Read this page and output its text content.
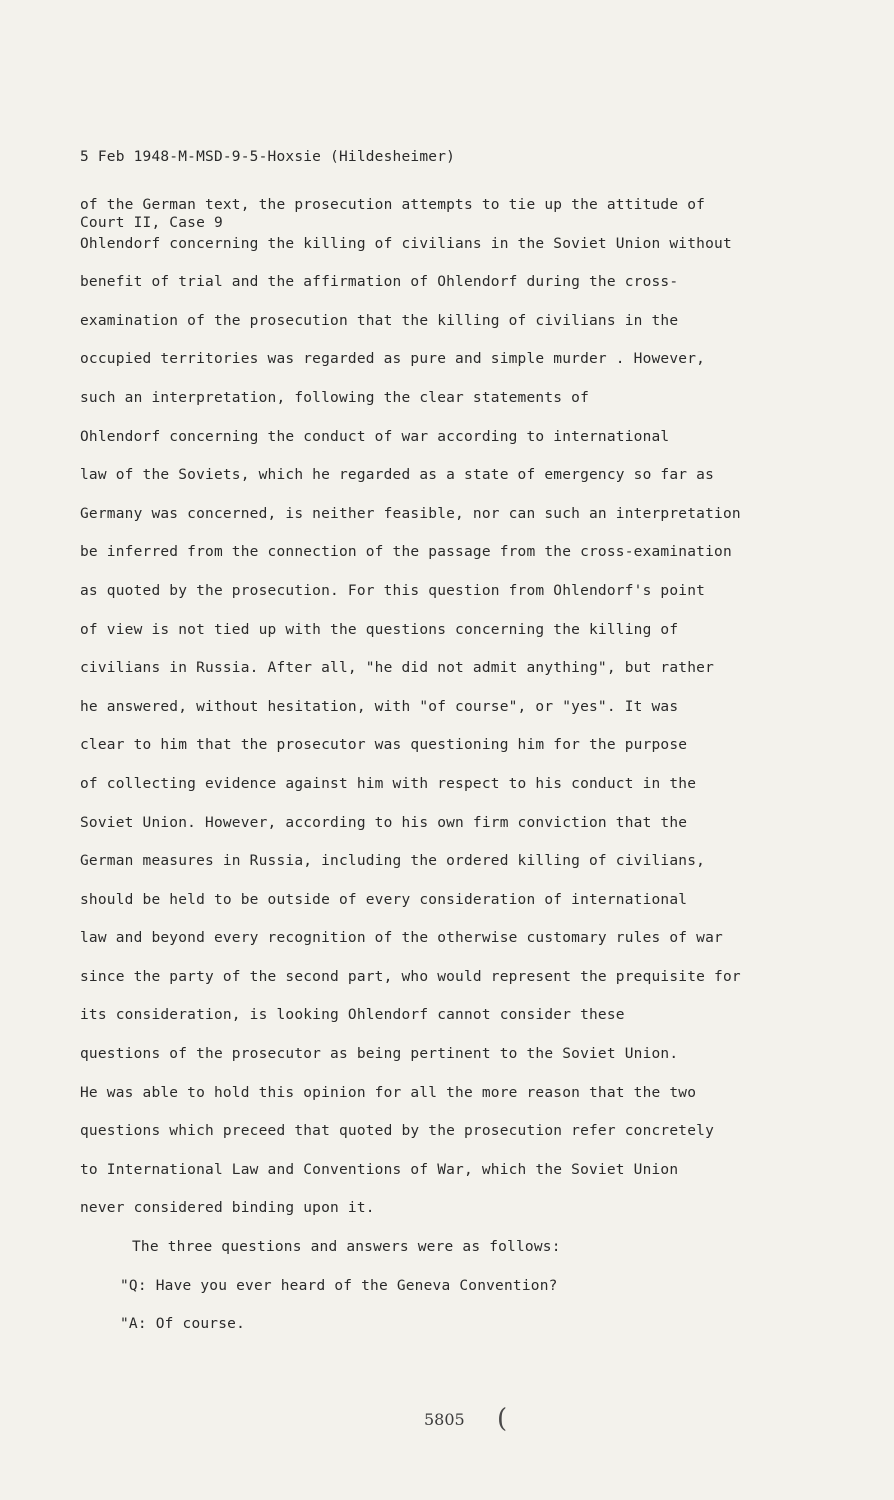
5 Feb 1948-M-MSD-9-5-Hoxsie (Hildesheimer)

Court II, Case 9

of the German text, the prosecution attempts to tie up the attitude of
Ohlendorf concerning the killing of civilians in the Soviet Union without
benefit of trial and the affirmation of Ohlendorf during the cross-
examination of the prosecution that the killing of civilians in the
occupied territories was regarded as pure and simple murder . However,
such an interpretation, following the clear statements of
Ohlendorf concerning the conduct of war according to international
law of the Soviets, which he regarded as a state of emergency so far as
Germany was concerned, is neither feasible, nor can such an interpretation
be inferred from the connection of the passage from the cross-examination
as quoted by the prosecution. For this question from Ohlendorf's point
of view is not tied up with the questions concerning the killing of
civilians in Russia. After all, "he did not admit anything", but rather
he answered, without hesitation, with "of course", or "yes". It was
clear to him that the prosecutor was questioning him for the purpose
of collecting evidence against him with respect to his conduct in the
Soviet Union. However, according to his own firm conviction that the
German measures in Russia, including the ordered killing of civilians,
should be held to be outside of every consideration of international
law and beyond every recognition of the otherwise customary rules of war
since the party of the second part, who would represent the prequisite for
its consideration, is looking Ohlendorf cannot consider these
questions of the prosecutor as being pertinent to the Soviet Union.
He was able to hold this opinion for all the more reason that the two
questions which preceed that quoted by the prosecution refer concretely
to International Law and Conventions of War, which the Soviet Union
never considered binding upon it.
The three questions and answers were as follows:
"Q: Have you ever heard of the Geneva Convention?
"A: Of course.
5805 (
